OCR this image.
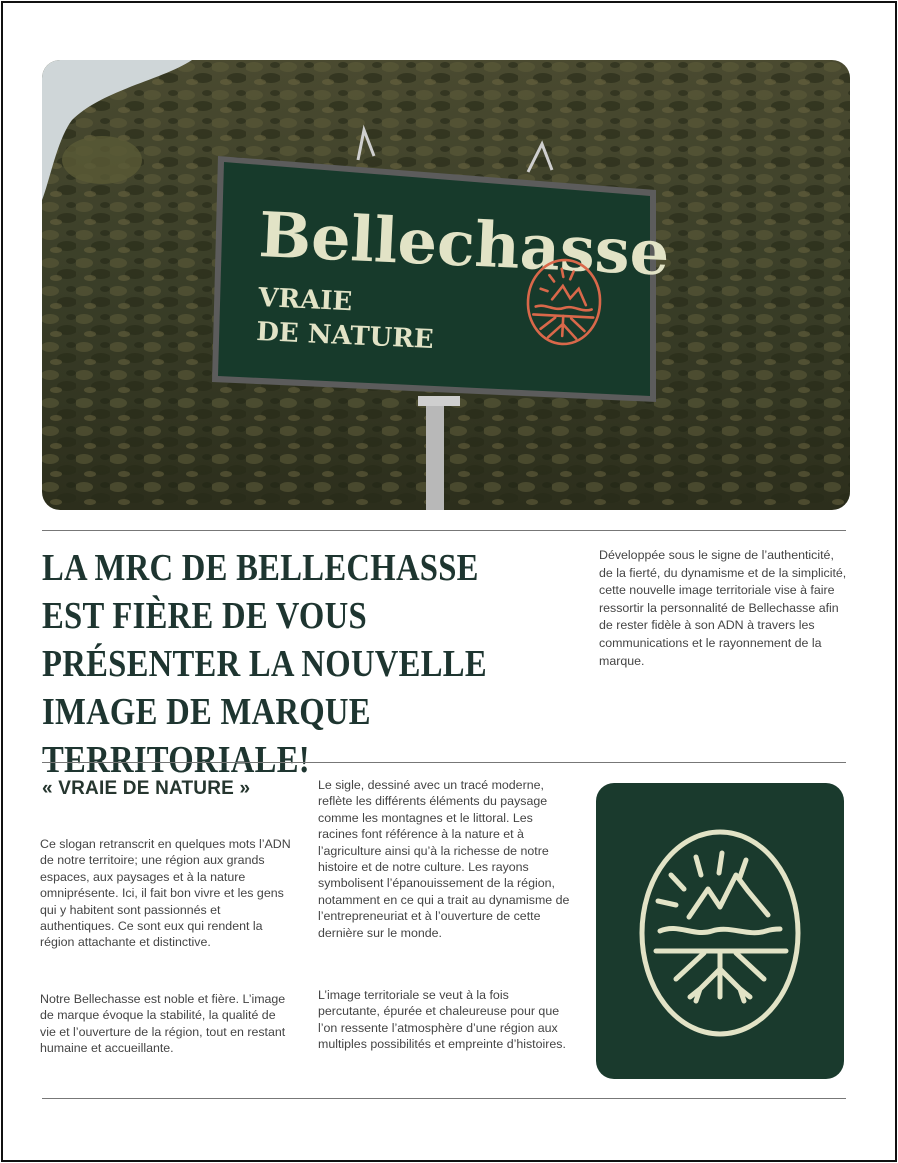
Bellechasse
VRAIE
DE NATURE
LA MRC DE BELLECHASSE EST FIÈRE DE VOUS PRÉSENTER LA NOUVELLE IMAGE DE MARQUE TERRITORIALE!

Développée sous le signe de l’authenticité, de la fierté, du dynamisme et de la simplicité, cette nouvelle image territoriale vise à faire ressortir la personnalité de Bellechasse afin de rester fidèle à son ADN à travers les communications et le rayonnement de la marque.

« VRAIE DE NATURE »

Ce slogan retranscrit en quelques mots l’ADN de notre territoire; une région aux grands espaces, aux paysages et à la nature omniprésente. Ici, il fait bon vivre et les gens qui y habitent sont passionnés et authentiques. Ce sont eux qui rendent la région attachante et distinctive.

Notre Bellechasse est noble et fière. L’image de marque évoque la stabilité, la qualité de vie et l’ouverture de la région, tout en restant humaine et accueillante.

Le sigle, dessiné avec un tracé moderne, reflète les différents éléments du paysage comme les montagnes et le littoral. Les racines font référence à la nature et à l’agriculture ainsi qu’à la richesse de notre histoire et de notre culture. Les rayons symbolisent l’épanouissement de la région, notamment en ce qui a trait au dynamisme de l’entrepreneuriat et à l’ouverture de cette dernière sur le monde.

L’image territoriale se veut à la fois percutante, épurée et chaleureuse pour que l’on ressente l’atmosphère d’une région aux multiples possibilités et empreinte d’histoires.
